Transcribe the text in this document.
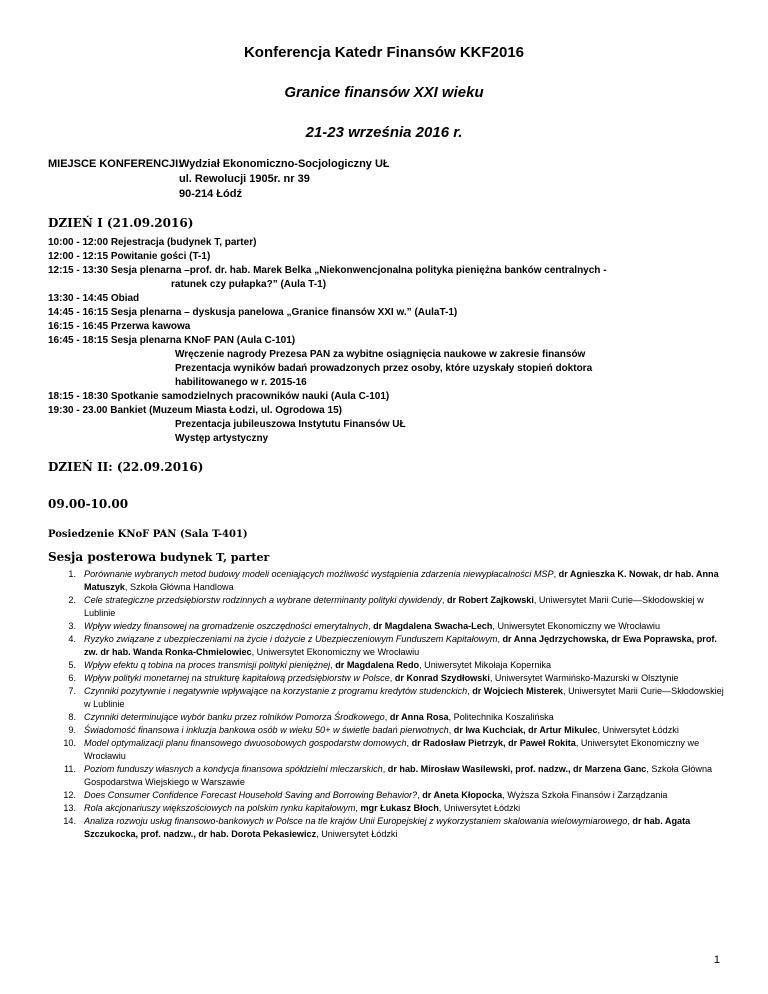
Konferencja Katedr Finansów KKF2016
Granice finansów XXI wieku
21-23 września 2016 r.
MIEJSCE KONFERENCJI:
Wydział Ekonomiczno-Socjologiczny UŁ
ul. Rewolucji 1905r. nr 39
90-214 Łódź
DZIEŃ I (21.09.2016)
10:00 - 12:00 Rejestracja (budynek T, parter)
12:00 - 12:15 Powitanie gości (T-1)
12:15 - 13:30 Sesja plenarna –prof. dr. hab. Marek Belka „Niekonwencjonalna polityka pieniężna banków centralnych -
ratunek czy pułapka?” (Aula T-1)
13:30 - 14:45 Obiad
14:45 - 16:15 Sesja plenarna – dyskusja panelowa „Granice finansów XXI w.” (AulaT-1)
16:15 - 16:45 Przerwa kawowa
16:45 - 18:15 Sesja plenarna KNoF PAN (Aula C-101)
Wręczenie nagrody Prezesa PAN za wybitne osiągnięcia naukowe w zakresie finansów
Prezentacja wyników badań prowadzonych przez osoby, które uzyskały stopień doktora
habilitowanego w r. 2015-16
18:15 - 18:30 Spotkanie samodzielnych pracowników nauki (Aula C-101)
19:30 - 23.00 Bankiet (Muzeum Miasta Łodzi, ul. Ogrodowa 15)
Prezentacja jubileuszowa Instytutu Finansów UŁ
Występ artystyczny
DZIEŃ II: (22.09.2016)
09.00-10.00
Posiedzenie KNoF PAN (Sala T-401)
Sesja posterowa budynek T, parter
1. Porównanie wybranych metod budowy modeli oceniających możliwość wystąpienia zdarzenia niewypłacalności MSP, dr Agnieszka K. Nowak, dr hab. Anna Matuszyk, Szkoła Główna Handlowa
2. Cele strategiczne przedsiębiorstw rodzinnych a wybrane determinanty polityki dywidendy, dr Robert Zajkowski, Uniwersytet Marii Curie—Skłodowskiej w Lublinie
3. Wpływ wiedzy finansowej na gromadzenie oszczędności emerytalnych, dr Magdalena Swacha-Lech, Uniwersytet Ekonomiczny we Wrocławiu
4. Ryzyko związane z ubezpieczeniami na życie i dożycie z Ubezpieczeniowym Funduszem Kapitałowym, dr Anna Jędrzychowska, dr Ewa Poprawska, prof. zw. dr hab. Wanda Ronka-Chmielowiec, Uniwersytet Ekonomiczny we Wrocławiu
5. Wpływ efektu q tobina na proces transmisji polityki pieniężnej, dr Magdalena Redo, Uniwersytet Mikołaja Kopernika
6. Wpływ polityki monetarnej na strukturę kapitałową przedsiębiorstw w Polsce, dr Konrad Szydłowski, Uniwersytet Warmińsko-Mazurski w Olsztynie
7. Czynniki pozytywnie i negatywnie wpływające na korzystanie z programu kredytów studenckich, dr Wojciech Misterek, Uniwersytet Marii Curie—Skłodowskiej w Lublinie
8. Czynniki determinujące wybór banku przez rolników Pomorza Środkowego, dr Anna Rosa, Politechnika Koszalińska
9. Świadomość finansowa i inkluzja bankowa osób w wieku 50+ w świetle badań pierwotnych, dr Iwa Kuchciak, dr Artur Mikulec, Uniwersytet Łódzki
10. Model optymalizacji planu finansowego dwuosobowych gospodarstw domowych, dr Radosław Pietrzyk, dr Paweł Rokita, Uniwersytet Ekonomiczny we Wrocławiu
11. Poziom funduszy własnych a kondycja finansowa spółdzielni mleczarskich, dr hab. Mirosław Wasilewski, prof. nadzw., dr Marzena Ganc, Szkoła Główna Gospodarstwa Wiejskiego w Warszawie
12. Does Consumer Confidence Forecast Household Saving and Borrowing Behavior?, dr Aneta Kłopocka, Wyższa Szkoła Finansów i Zarządzania
13. Rola akcjonariuszy większościowych na polskim rynku kapitałowym, mgr Łukasz Błoch, Uniwersytet Łódzki
14. Analiza rozwoju usług finansowo-bankowych w Polsce na tle krajów Unii Europejskiej z wykorzystaniem skalowania wielowymiarowego, dr hab. Agata Szczukocka, prof. nadzw., dr hab. Dorota Pekasiewicz, Uniwersytet Łódzki
1
